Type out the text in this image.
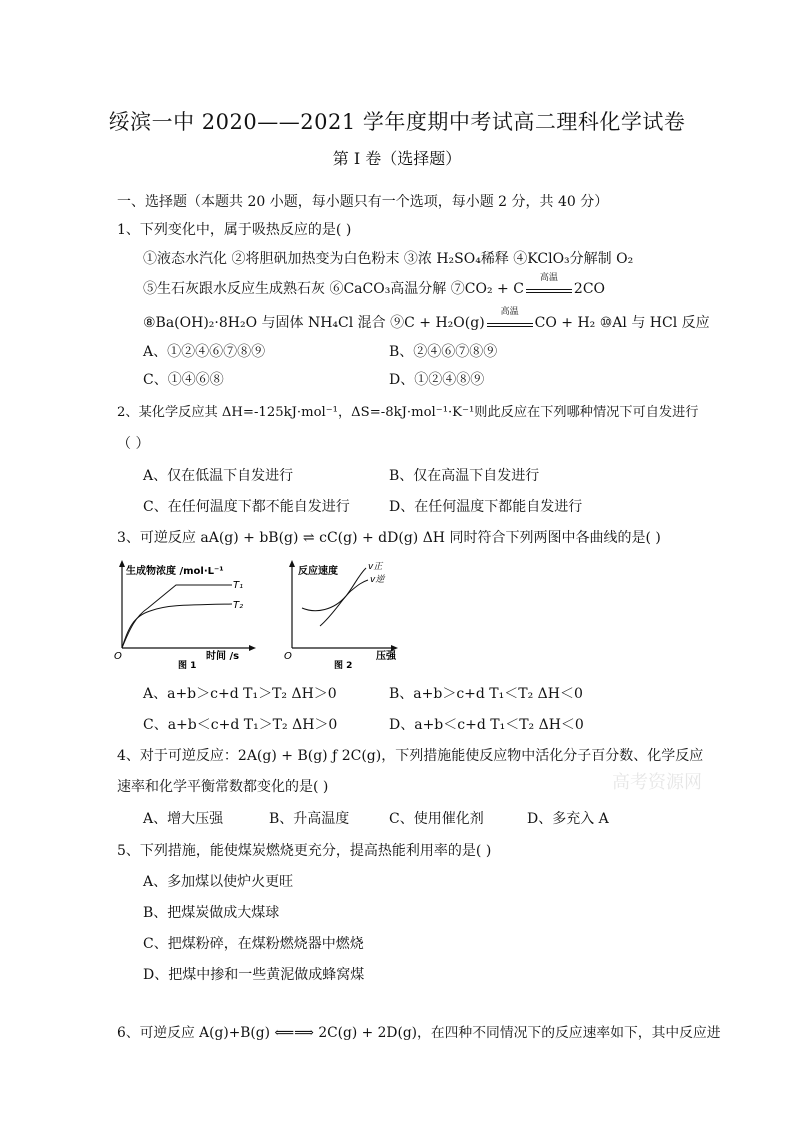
绥滨一中 2020——2021 学年度期中考试高二理科化学试卷
第 I 卷（选择题）
一、选择题（本题共 20 小题，每小题只有一个选项，每小题 2 分，共 40 分）
1、下列变化中，属于吸热反应的是( )
①液态水汽化 ②将胆矾加热变为白色粉末 ③浓 H₂SO₄稀释 ④KClO₃分解制 O₂
⑤生石灰跟水反应生成熟石灰 ⑥CaCO₃高温分解 ⑦CO₂ + C
高温
2CO
⑧Ba(OH)₂·8H₂O 与固体 NH₄Cl 混合 ⑨C + H₂O(g)
高温
CO + H₂ ⑩Al 与 HCl 反应
A、①②④⑥⑦⑧⑨	B、②④⑥⑦⑧⑨
C、①④⑥⑧	D、①②④⑧⑨
2、某化学反应其 ΔH=-125kJ·mol⁻¹，ΔS=-8kJ·mol⁻¹·K⁻¹则此反应在下列哪种情况下可自发进行
（ ）
A、仅在低温下自发进行	B、仅在高温下自发进行
C、在任何温度下都不能自发进行	D、在任何温度下都能自发进行
3、可逆反应 aA(g) + bB(g) ⇌ cC(g) + dD(g) ΔH 同时符合下列两图中各曲线的是( )
生成物浓度 /mol·L⁻¹
T₁
T₂
O	时间 /s
图 1
反应速度	v正
v逆
O	压强
图 2
A、a+b＞c+d T₁＞T₂ ΔH＞0	B、a+b＞c+d T₁＜T₂ ΔH＜0
C、a+b＜c+d T₁＞T₂ ΔH＞0	D、a+b＜c+d T₁＜T₂ ΔH＜0
4、对于可逆反应：2A(g) + B(g) ƒ 2C(g)，下列措施能使反应物中活化分子百分数、化学反应
速率和化学平衡常数都变化的是( )	高考资源网
A、增大压强	B、升高温度	C、使用催化剂	D、多充入 A
5、下列措施，能使煤炭燃烧更充分，提高热能利用率的是( )
A、多加煤以使炉火更旺
B、把煤炭做成大煤球
C、把煤粉碎，在煤粉燃烧器中燃烧
D、把煤中掺和一些黄泥做成蜂窝煤
6、可逆反应 A(g)+B(g) ⟸⟹ 2C(g) + 2D(g)，在四种不同情况下的反应速率如下，其中反应进
